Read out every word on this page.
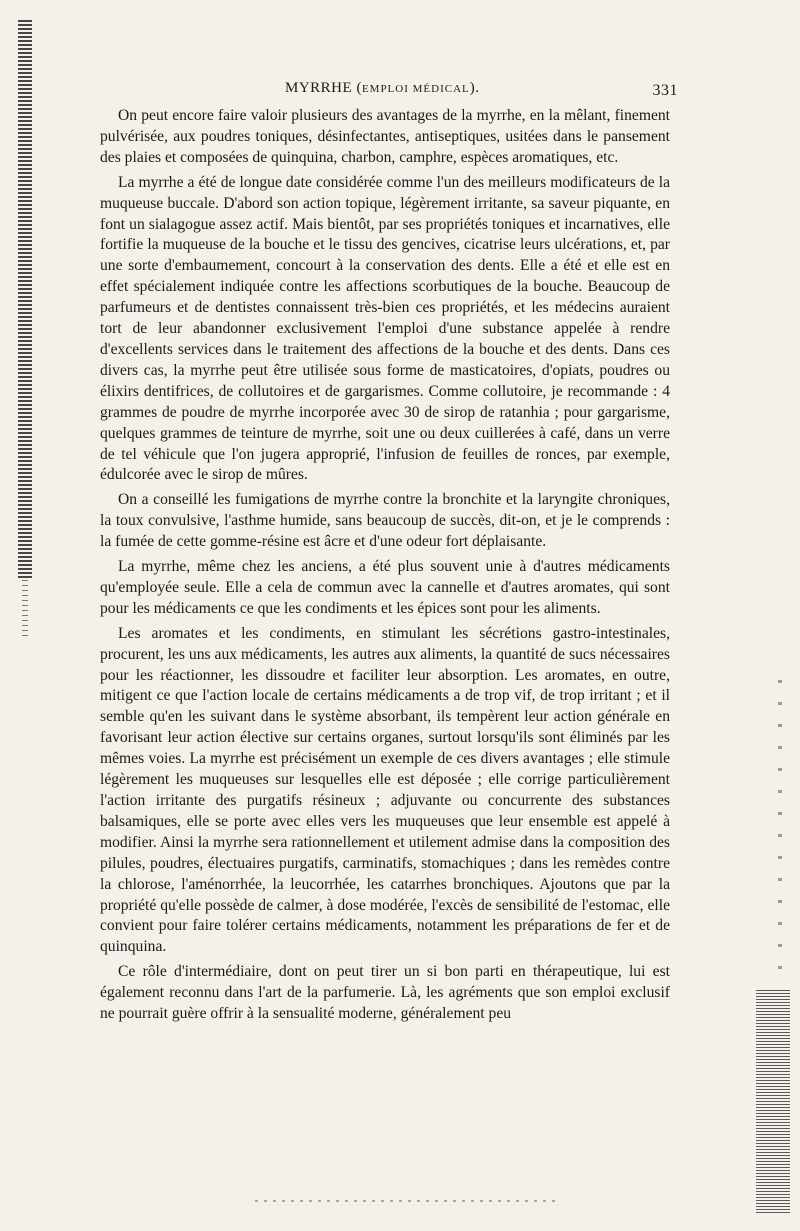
MYRRHE (EMPLOI MÉDICAL).	331

On peut encore faire valoir plusieurs des avantages de la myrrhe, en la mêlant, finement pulvérisée, aux poudres toniques, désinfectantes, antiseptiques, usitées dans le pansement des plaies et composées de quinquina, charbon, camphre, espèces aromatiques, etc.

La myrrhe a été de longue date considérée comme l'un des meilleurs modificateurs de la muqueuse buccale. D'abord son action topique, légèrement irritante, sa saveur piquante, en font un sialagogue assez actif. Mais bientôt, par ses propriétés toniques et incarnatives, elle fortifie la muqueuse de la bouche et le tissu des gencives, cicatrise leurs ulcérations, et, par une sorte d'embaumement, concourt à la conservation des dents. Elle a été et elle est en effet spécialement indiquée contre les affections scorbutiques de la bouche. Beaucoup de parfumeurs et de dentistes connaissent très-bien ces propriétés, et les médecins auraient tort de leur abandonner exclusivement l'emploi d'une substance appelée à rendre d'excellents services dans le traitement des affections de la bouche et des dents. Dans ces divers cas, la myrrhe peut être utilisée sous forme de masticatoires, d'opiats, poudres ou élixirs dentifrices, de collutoires et de gargarismes. Comme collutoire, je recommande : 4 grammes de poudre de myrrhe incorporée avec 30 de sirop de ratanhia ; pour gargarisme, quelques grammes de teinture de myrrhe, soit une ou deux cuillerées à café, dans un verre de tel véhicule que l'on jugera approprié, l'infusion de feuilles de ronces, par exemple, édulcorée avec le sirop de mûres.

On a conseillé les fumigations de myrrhe contre la bronchite et la laryngite chroniques, la toux convulsive, l'asthme humide, sans beaucoup de succès, dit-on, et je le comprends : la fumée de cette gomme-résine est âcre et d'une odeur fort déplaisante.

La myrrhe, même chez les anciens, a été plus souvent unie à d'autres médicaments qu'employée seule. Elle a cela de commun avec la cannelle et d'autres aromates, qui sont pour les médicaments ce que les condiments et les épices sont pour les aliments.

Les aromates et les condiments, en stimulant les sécrétions gastro-intestinales, procurent, les uns aux médicaments, les autres aux aliments, la quantité de sucs nécessaires pour les réactionner, les dissoudre et faciliter leur absorption. Les aromates, en outre, mitigent ce que l'action locale de certains médicaments a de trop vif, de trop irritant ; et il semble qu'en les suivant dans le système absorbant, ils tempèrent leur action générale en favorisant leur action élective sur certains organes, surtout lorsqu'ils sont éliminés par les mêmes voies. La myrrhe est précisément un exemple de ces divers avantages ; elle stimule légèrement les muqueuses sur lesquelles elle est déposée ; elle corrige particulièrement l'action irritante des purgatifs résineux ; adjuvante ou concurrente des substances balsamiques, elle se porte avec elles vers les muqueuses que leur ensemble est appelé à modifier. Ainsi la myrrhe sera rationnellement et utilement admise dans la composition des pilules, poudres, électuaires purgatifs, carminatifs, stomachiques ; dans les remèdes contre la chlorose, l'aménorrhée, la leucorrhée, les catarrhes bronchiques. Ajoutons que par la propriété qu'elle possède de calmer, à dose modérée, l'excès de sensibilité de l'estomac, elle convient pour faire tolérer certains médicaments, notamment les préparations de fer et de quinquina.

Ce rôle d'intermédiaire, dont on peut tirer un si bon parti en thérapeutique, lui est également reconnu dans l'art de la parfumerie. Là, les agréments que son emploi exclusif ne pourrait guère offrir à la sensualité moderne, généralement peu
